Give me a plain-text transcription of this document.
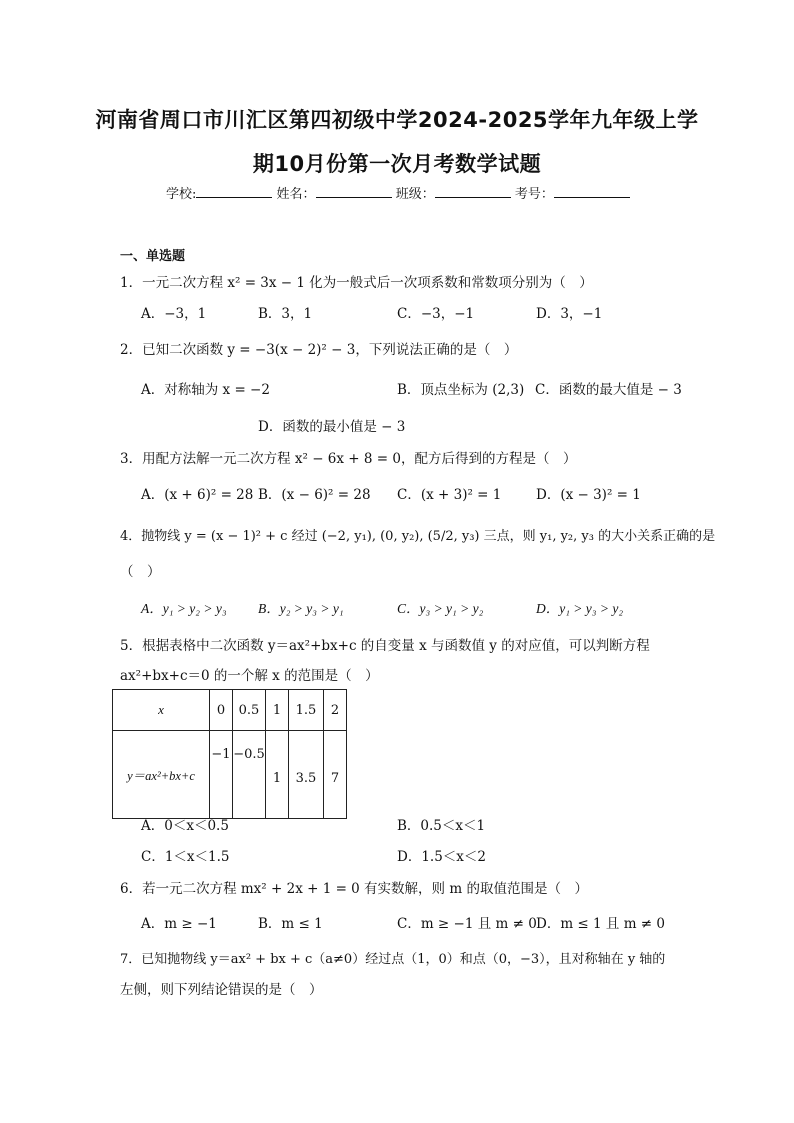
河南省周口市川汇区第四初级中学2024-2025学年九年级上学
期10月份第一次月考数学试题
学校:	姓名：	班级：	考号：
一、单选题
1．一元二次方程 x² = 3x − 1 化为一般式后一次项系数和常数项分别为（　）
A．−3，1	B．3，1	C．−3，−1	D．3，−1
2．已知二次函数 y = −3(x − 2)² − 3，下列说法正确的是（　）
A．对称轴为 x = −2	B．顶点坐标为 (2,3) C．函数的最大值是 − 3
D．函数的最小值是 − 3
3．用配方法解一元二次方程 x² − 6x + 8 = 0，配方后得到的方程是（　）
A．(x + 6)² = 28 B．(x − 6)² = 28 C．(x + 3)² = 1	D．(x − 3)² = 1
4．抛物线 y = (x − 1)² + c 经过 (−2, y₁), (0, y₂), (5/2, y₃) 三点，则 y₁, y₂, y₃ 的大小关系正确的是
（　）
A．y₁ > y₂ > y₃ B．y₂ > y₃ > y₁	C．y₃ > y₁ > y₂	D．y₁ > y₃ > y₂
5．根据表格中二次函数 y＝ax²+bx+c 的自变量 x 与函数值 y 的对应值，可以判断方程
ax²+bx+c＝0 的一个解 x 的范围是（　）
x	0	0.5	1	1.5	2
y＝ax²+bx+c	−1	−0.5	1	3.5	7
A．0＜x＜0.5	B．0.5＜x＜1
C．1＜x＜1.5	D．1.5＜x＜2
6．若一元二次方程 mx² + 2x + 1 = 0 有实数解，则 m 的取值范围是（　）
A．m ≥ −1	B．m ≤ 1	C．m ≥ −1 且 m ≠ 0 D．m ≤ 1 且 m ≠ 0
7．已知抛物线 y＝ax² + bx + c（a≠0）经过点（1，0）和点（0，−3），且对称轴在 y 轴的
左侧，则下列结论错误的是（　）
